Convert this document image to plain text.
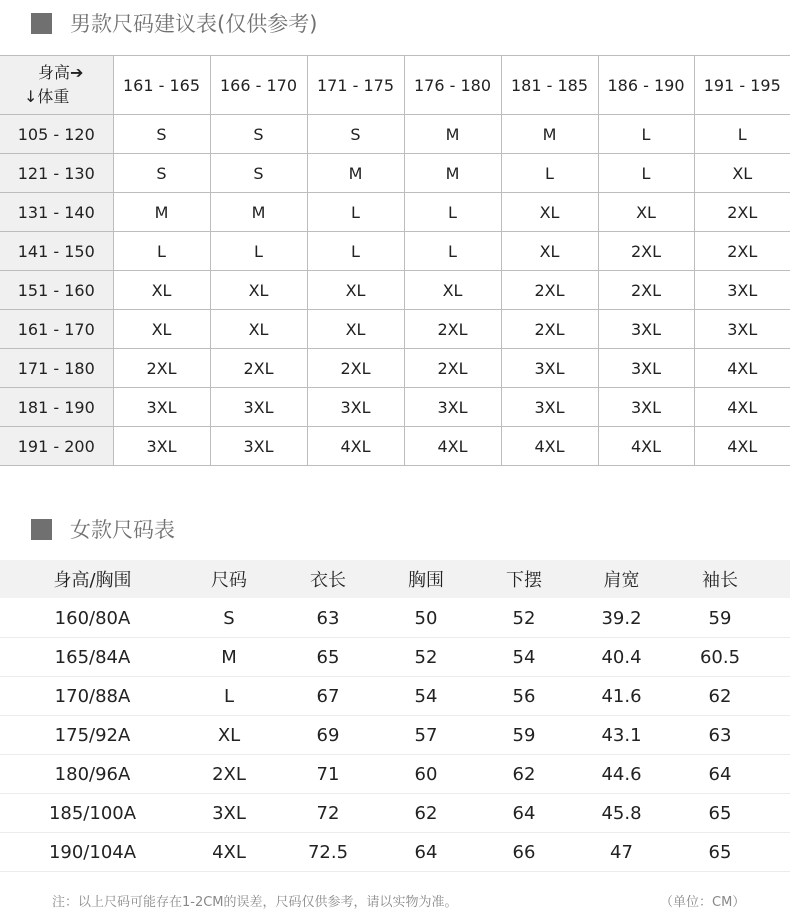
男款尺码建议表(仅供参考)
身高➔
↓体重	161 - 165	166 - 170	171 - 175	176 - 180	181 - 185	186 - 190	191 - 195
105 - 120	S	S	S	M	M	L	L
121 - 130	S	S	M	M	L	L	XL
131 - 140	M	M	L	L	XL	XL	2XL
141 - 150	L	L	L	L	XL	2XL	2XL
151 - 160	XL	XL	XL	XL	2XL	2XL	3XL
161 - 170	XL	XL	XL	2XL	2XL	3XL	3XL
171 - 180	2XL	2XL	2XL	2XL	3XL	3XL	4XL
181 - 190	3XL	3XL	3XL	3XL	3XL	3XL	4XL
191 - 200	3XL	3XL	4XL	4XL	4XL	4XL	4XL
女款尺码表
身高/胸围	尺码	衣长	胸围	下摆	肩宽	袖长
160/80A	S	63	50	52	39.2	59
165/84A	M	65	52	54	40.4	60.5
170/88A	L	67	54	56	41.6	62
175/92A	XL	69	57	59	43.1	63
180/96A	2XL	71	60	62	44.6	64
185/100A	3XL	72	62	64	45.8	65
190/104A	4XL	72.5	64	66	47	65
注：以上尺码可能存在1-2CM的误差，尺码仅供参考，请以实物为准。	（单位：CM）
